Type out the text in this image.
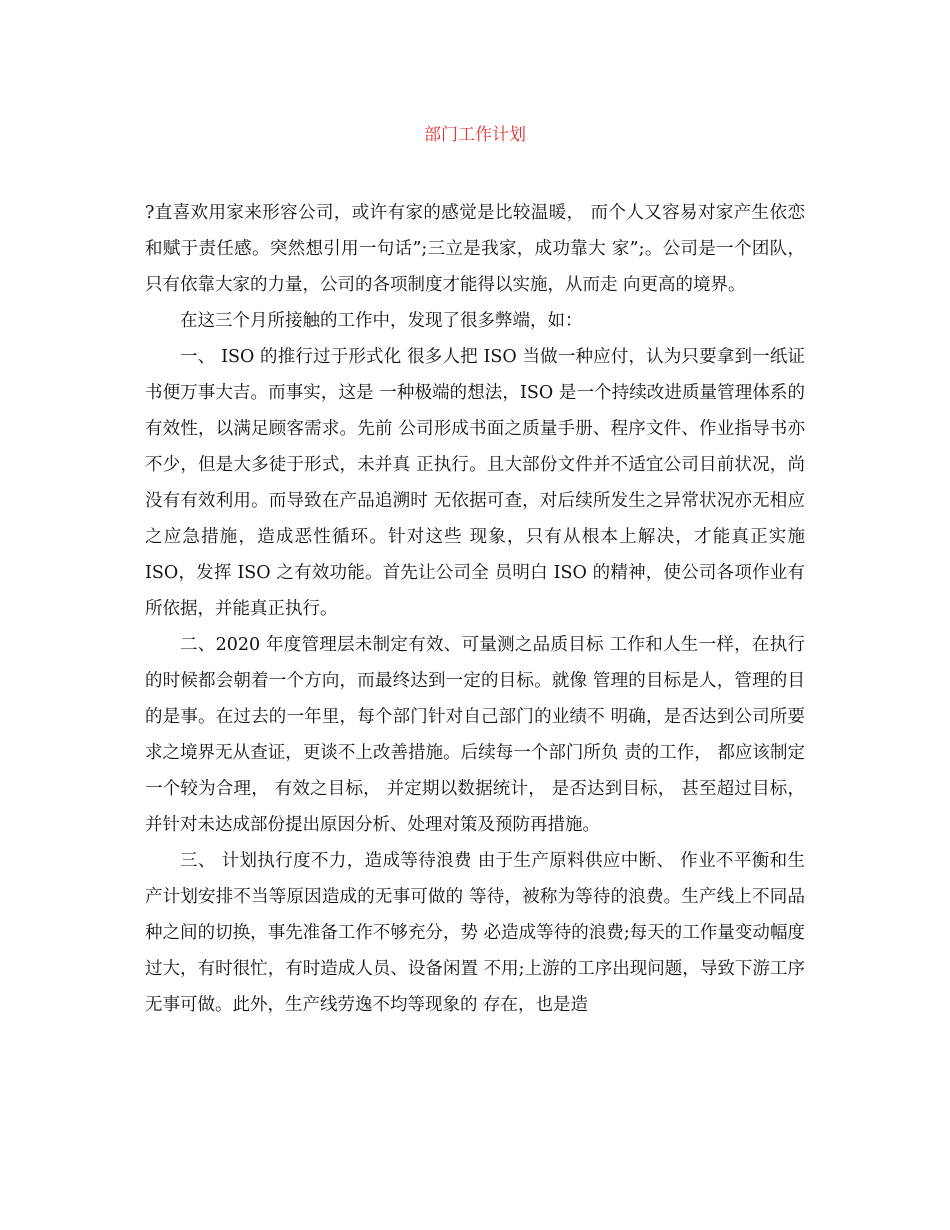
部门工作计划

?直喜欢用家来形容公司，或许有家的感觉是比较温暖， 而个人又容易对家产生依恋和赋于责任感。突然想引用一句话”;三立是我家，成功靠大 家”;。公司是一个团队，只有依靠大家的力量，公司的各项制度才能得以实施，从而走 向更高的境界。

在这三个月所接触的工作中，发现了很多弊端，如：

一、 ISO 的推行过于形式化 很多人把 ISO 当做一种应付，认为只要拿到一纸证书便万事大吉。而事实，这是 一种极端的想法，ISO 是一个持续改进质量管理体系的有效性，以满足顾客需求。先前 公司形成书面之质量手册、程序文件、作业指导书亦不少，但是大多徒于形式，未并真 正执行。且大部份文件并不适宜公司目前状况，尚没有有效利用。而导致在产品追溯时 无依据可查，对后续所发生之异常状况亦无相应之应急措施，造成恶性循环。针对这些 现象，只有从根本上解决，才能真正实施 ISO，发挥 ISO 之有效功能。首先让公司全 员明白 ISO 的精神，使公司各项作业有所依据，并能真正执行。

二、2020 年度管理层未制定有效、可量测之品质目标 工作和人生一样，在执行的时候都会朝着一个方向，而最终达到一定的目标。就像 管理的目标是人，管理的目的是事。在过去的一年里，每个部门针对自己部门的业绩不 明确，是否达到公司所要求之境界无从查证，更谈不上改善措施。后续每一个部门所负 责的工作， 都应该制定一个较为合理， 有效之目标， 并定期以数据统计， 是否达到目标， 甚至超过目标，并针对未达成部份提出原因分析、处理对策及预防再措施。

三、 计划执行度不力，造成等待浪费 由于生产原料供应中断、 作业不平衡和生产计划安排不当等原因造成的无事可做的 等待，被称为等待的浪费。生产线上不同品种之间的切换，事先准备工作不够充分，势 必造成等待的浪费;每天的工作量变动幅度过大，有时很忙，有时造成人员、设备闲置 不用;上游的工序出现问题，导致下游工序无事可做。此外，生产线劳逸不均等现象的 存在，也是造
